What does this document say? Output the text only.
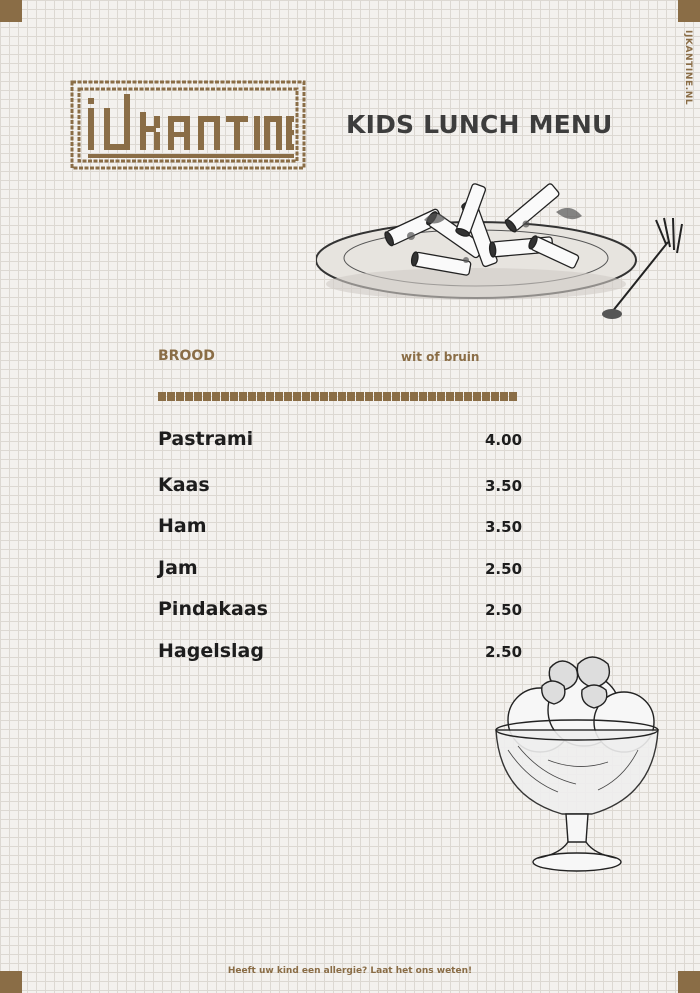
IJKANTINE.NL
KIDS LUNCH MENU
BROOD	wit of bruin
Pastrami	4.00
Kaas	3.50
Ham	3.50
Jam	2.50
Pindakaas	2.50
Hagelslag	2.50
Heeft uw kind een allergie? Laat het ons weten!
